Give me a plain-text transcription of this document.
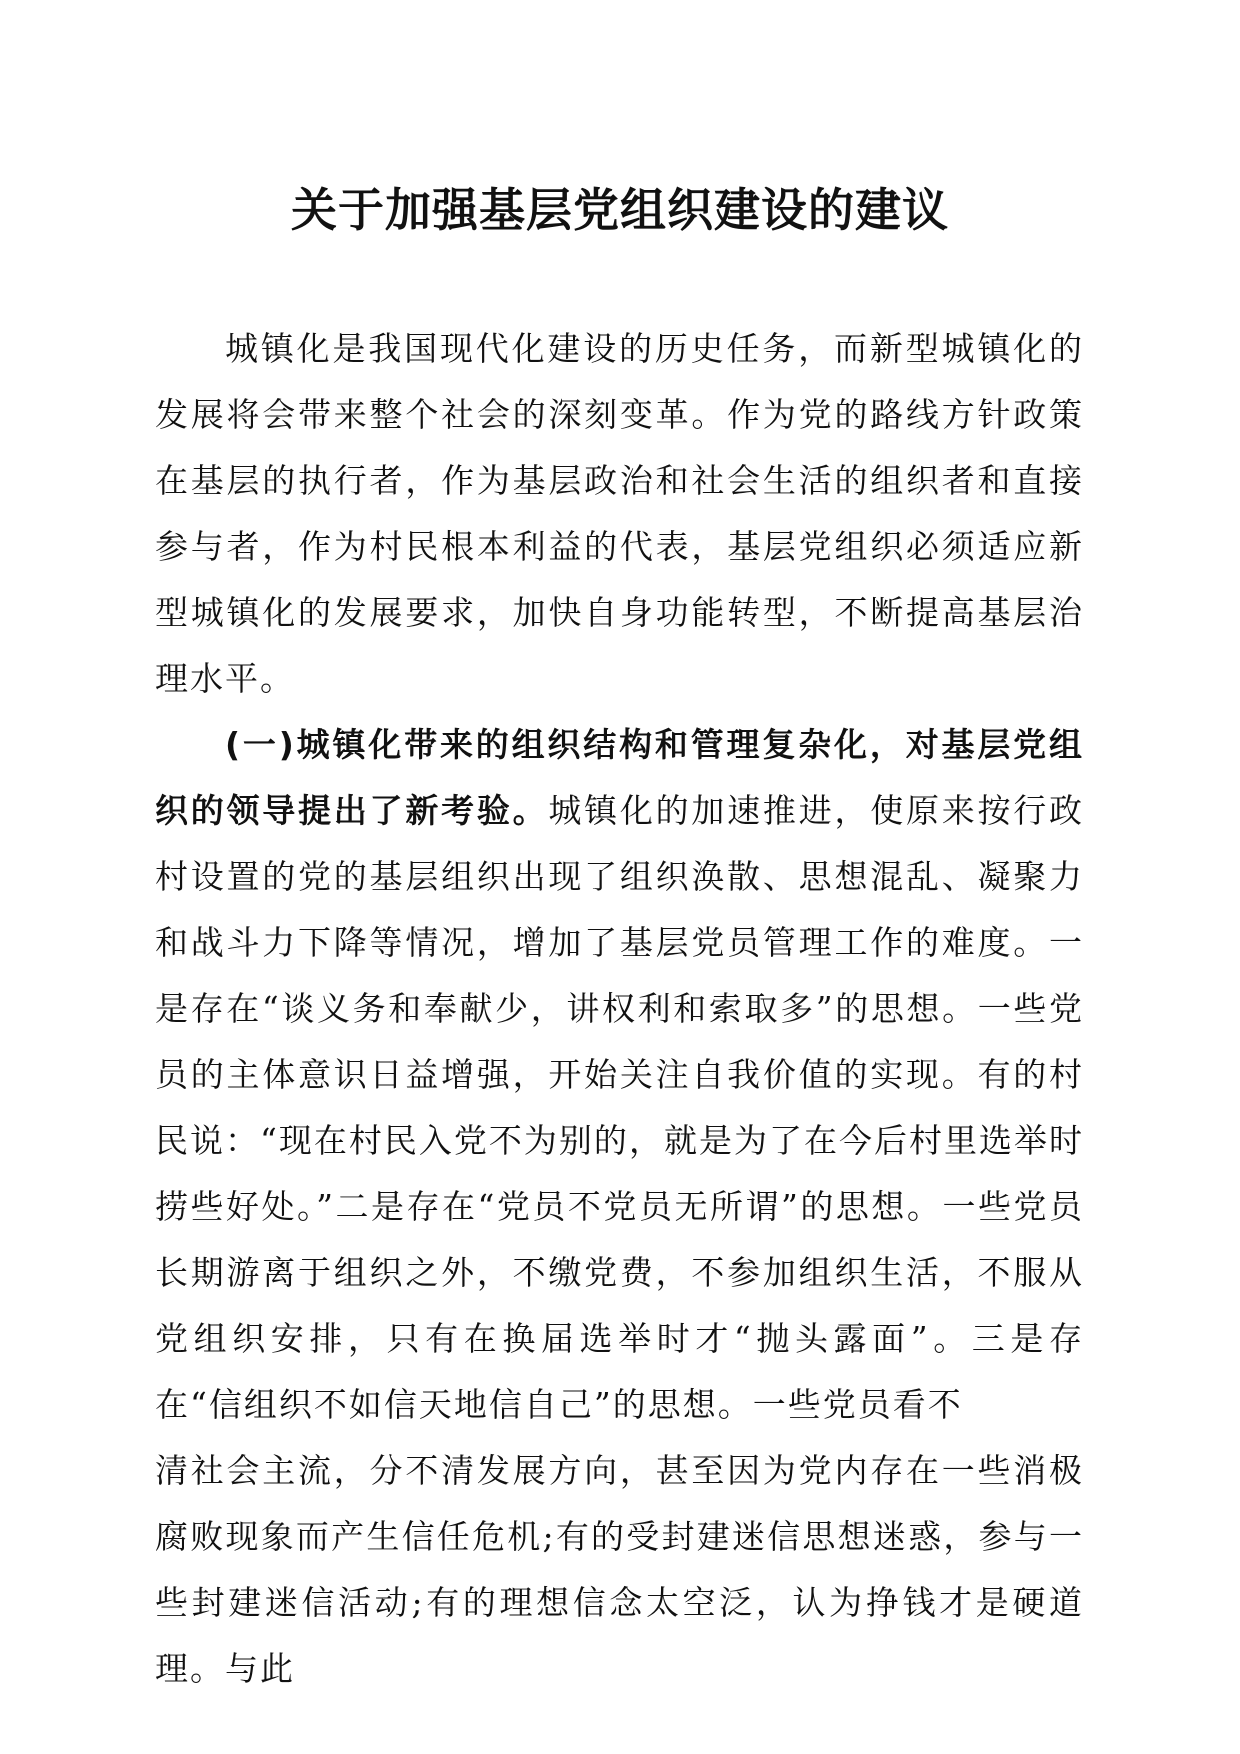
关于加强基层党组织建设的建议

城镇化是我国现代化建设的历史任务，而新型城镇化的发展将会带来整个社会的深刻变革。作为党的路线方针政策在基层的执行者，作为基层政治和社会生活的组织者和直接参与者，作为村民根本利益的代表，基层党组织必须适应新型城镇化的发展要求，加快自身功能转型，不断提高基层治理水平。

(一)城镇化带来的组织结构和管理复杂化，对基层党组织的领导提出了新考验。城镇化的加速推进，使原来按行政村设置的党的基层组织出现了组织涣散、思想混乱、凝聚力和战斗力下降等情况，增加了基层党员管理工作的难度。一是存在“谈义务和奉献少，讲权利和索取多”的思想。一些党员的主体意识日益增强，开始关注自我价值的实现。有的村民说：“现在村民入党不为别的，就是为了在今后村里选举时捞些好处。”二是存在“党员不党员无所谓”的思想。一些党员长期游离于组织之外，不缴党费，不参加组织生活，不服从党组织安排，只有在换届选举时才“抛头露面”。三是存在“信组织不如信天地信自己”的思想。一些党员看不

清社会主流，分不清发展方向，甚至因为党内存在一些消极腐败现象而产生信任危机;有的受封建迷信思想迷惑，参与一些封建迷信活动;有的理想信念太空泛，认为挣钱才是硬道理。与此
